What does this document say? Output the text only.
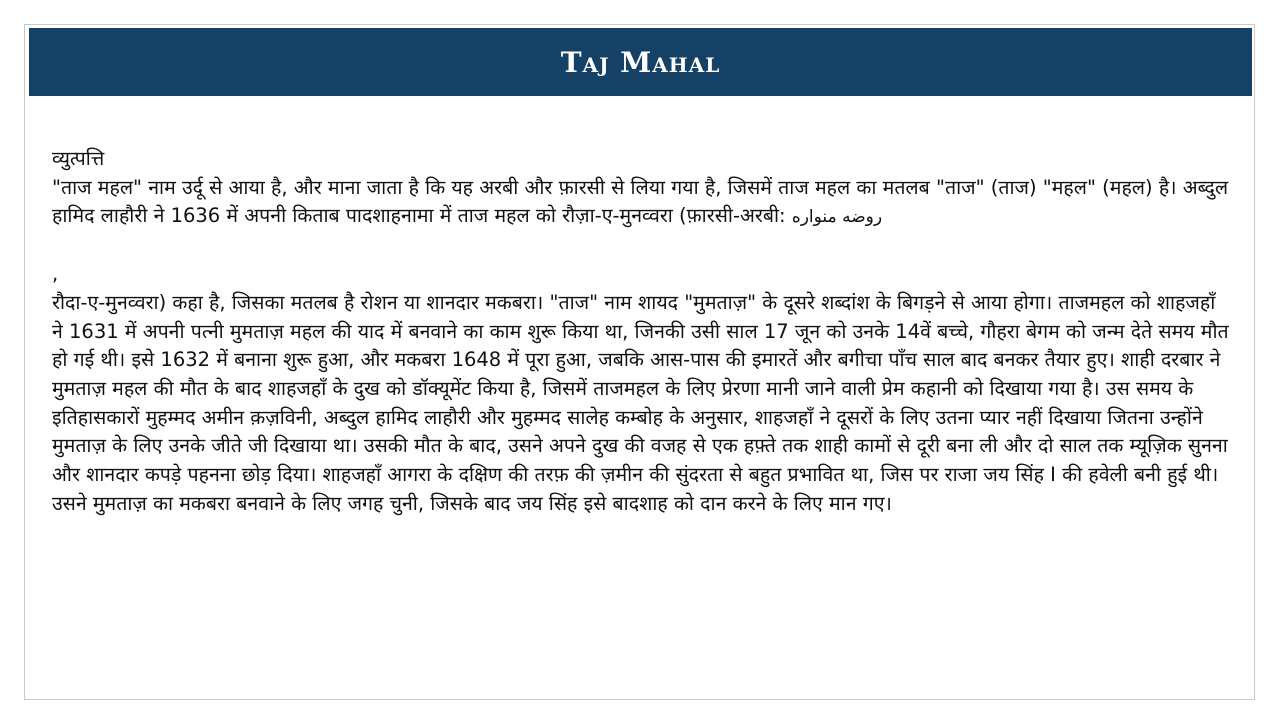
Taj Mahal

व्युत्पत्ति

"ताज महल" नाम उर्दू से आया है, और माना जाता है कि यह अरबी और फ़ारसी से लिया गया है, जिसमें ताज महल का मतलब "ताज" (ताज) "महल" (महल) है। अब्दुल हामिद लाहौरी ने 1636 में अपनी किताब पादशाहनामा में ताज महल को रौज़ा-ए-मुनव्वरा (फ़ारसी-अरबी: روضه منواره

,

रौदा-ए-मुनव्वरा) कहा है, जिसका मतलब है रोशन या शानदार मकबरा। "ताज" नाम शायद "मुमताज़" के दूसरे शब्दांश के बिगड़ने से आया होगा। ताजमहल को शाहजहाँ ने 1631 में अपनी पत्नी मुमताज़ महल की याद में बनवाने का काम शुरू किया था, जिनकी उसी साल 17 जून को उनके 14वें बच्चे, गौहरा बेगम को जन्म देते समय मौत हो गई थी। इसे 1632 में बनाना शुरू हुआ, और मकबरा 1648 में पूरा हुआ, जबकि आस-पास की इमारतें और बगीचा पाँच साल बाद बनकर तैयार हुए। शाही दरबार ने मुमताज़ महल की मौत के बाद शाहजहाँ के दुख को डॉक्यूमेंट किया है, जिसमें ताजमहल के लिए प्रेरणा मानी जाने वाली प्रेम कहानी को दिखाया गया है। उस समय के इतिहासकारों मुहम्मद अमीन क़ज़विनी, अब्दुल हामिद लाहौरी और मुहम्मद सालेह कम्बोह के अनुसार, शाहजहाँ ने दूसरों के लिए उतना प्यार नहीं दिखाया जितना उन्होंने मुमताज़ के लिए उनके जीते जी दिखाया था। उसकी मौत के बाद, उसने अपने दुख की वजह से एक हफ़्ते तक शाही कामों से दूरी बना ली और दो साल तक म्यूज़िक सुनना और शानदार कपड़े पहनना छोड़ दिया। शाहजहाँ आगरा के दक्षिण की तरफ़ की ज़मीन की सुंदरता से बहुत प्रभावित था, जिस पर राजा जय सिंह I की हवेली बनी हुई थी। उसने मुमताज़ का मकबरा बनवाने के लिए जगह चुनी, जिसके बाद जय सिंह इसे बादशाह को दान करने के लिए मान गए।
